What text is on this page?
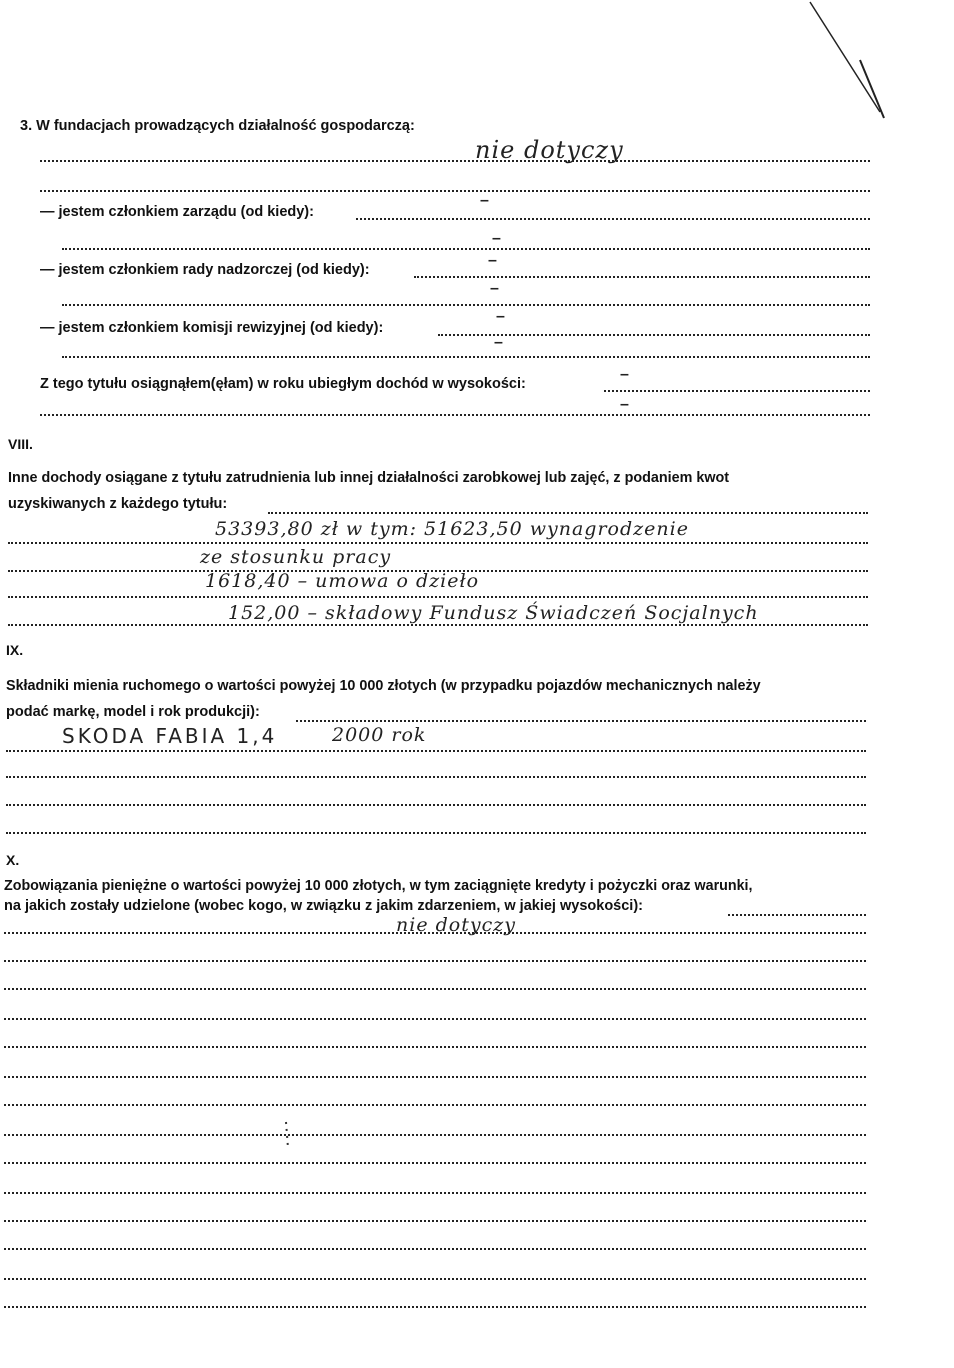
3. W fundacjach prowadzących działalność gospodarczą:
nie dotyczy
— jestem członkiem zarządu (od kiedy):
–
–
— jestem członkiem rady nadzorczej (od kiedy):
–
–
— jestem członkiem komisji rewizyjnej (od kiedy):
–
–
Z tego tytułu osiągnąłem(ęłam) w roku ubiegłym dochód w wysokości:
–
–
VIII.
Inne dochody osiągane z tytułu zatrudnienia lub innej działalności zarobkowej lub zajęć, z podaniem kwot
uzyskiwanych z każdego tytułu:
53393,80 zł w tym: 51623,50 wynagrodzenie
ze stosunku pracy
1618,40 – umowa o dzieło
152,00 – składowy Fundusz Świadczeń Socjalnych
IX.
Składniki mienia ruchomego o wartości powyżej 10 000 złotych (w przypadku pojazdów mechanicznych należy
podać markę, model i rok produkcji):
SKODA FABIA 1,4	2000 rok
X.
Zobowiązania pieniężne o wartości powyżej 10 000 złotych, w tym zaciągnięte kredyty i pożyczki oraz warunki,
na jakich zostały udzielone (wobec kogo, w związku z jakim zdarzeniem, w jakiej wysokości):
nie dotyczy
